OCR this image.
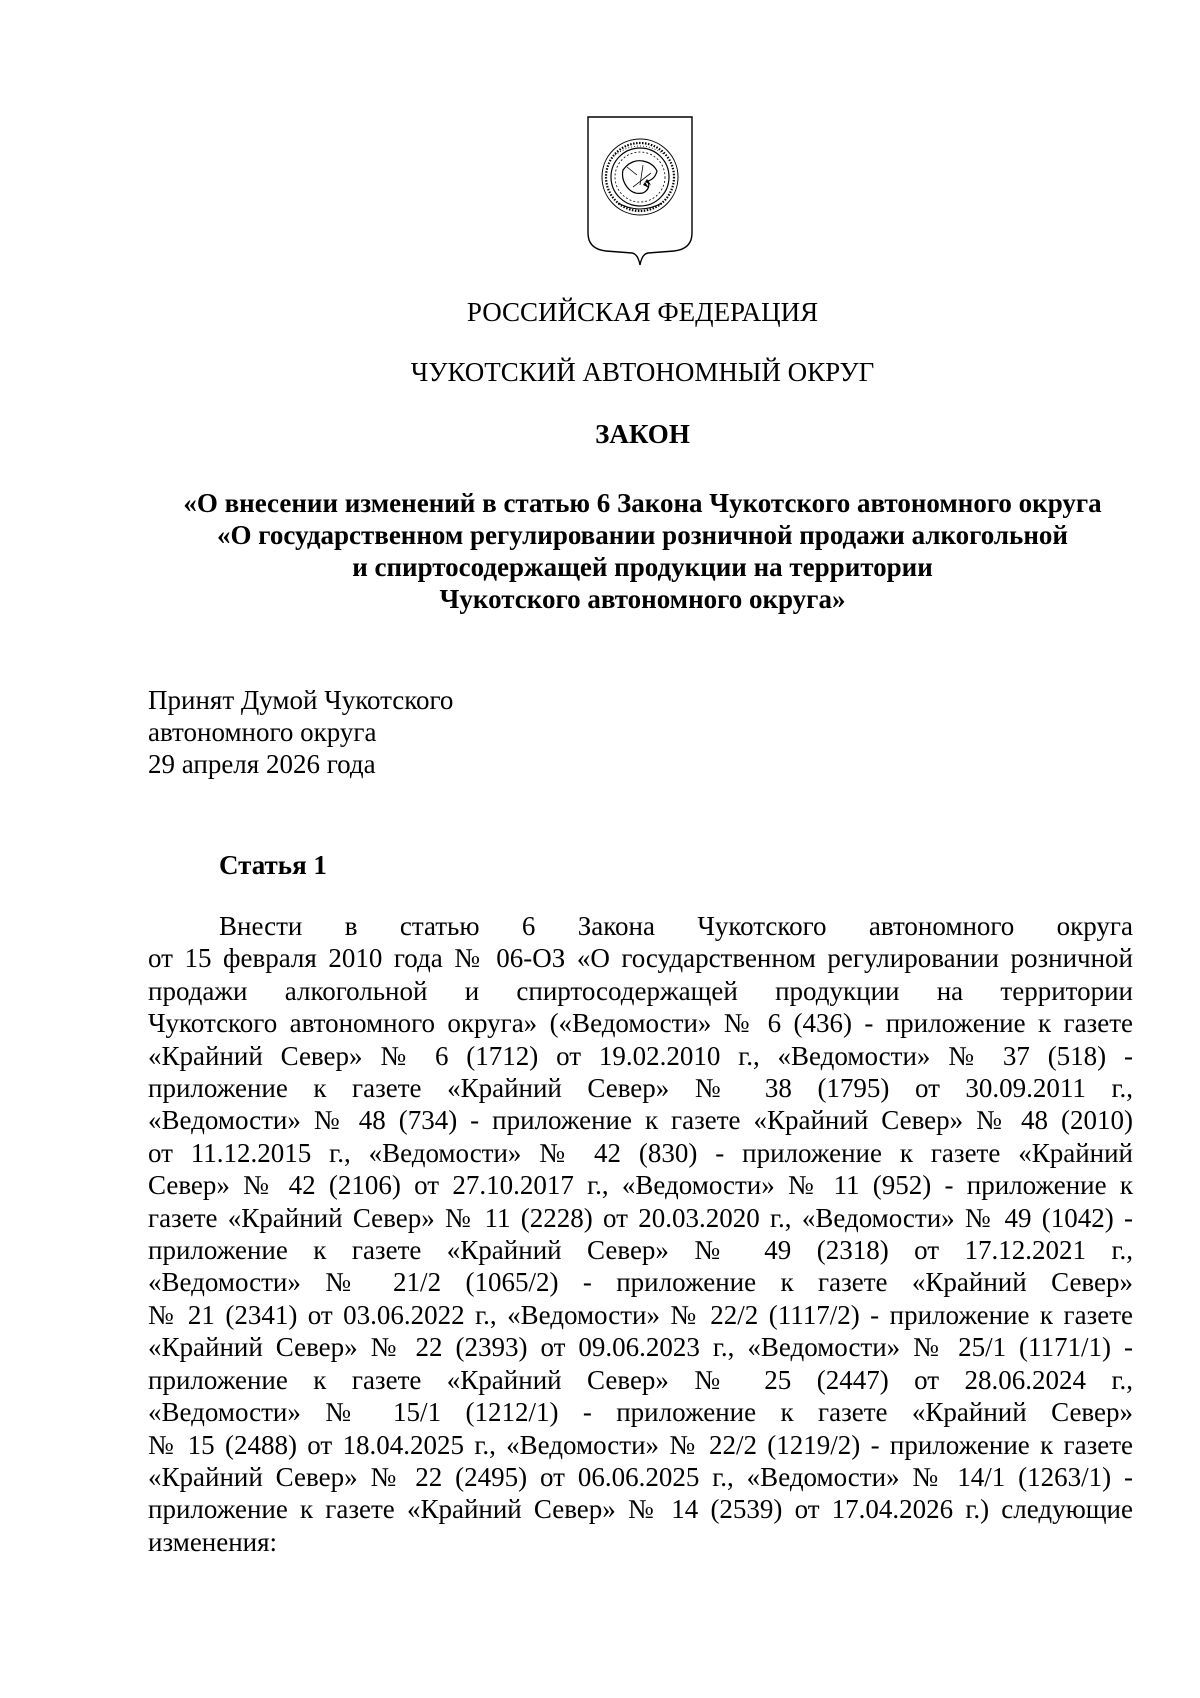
РОССИЙСКАЯ ФЕДЕРАЦИЯ
ЧУКОТСКИЙ АВТОНОМНЫЙ ОКРУГ
ЗАКОН
«О внесении изменений в статью 6 Закона Чукотского автономного округа
«О государственном регулировании розничной продажи алкогольной
и спиртосодержащей продукции на территории
Чукотского автономного округа»
Принят Думой Чукотского
автономного округа
29 апреля 2026 года
Статья 1
Внести в статью 6 Закона Чукотского автономного округа
от 15 февраля 2010 года № 06-ОЗ «О государственном регулировании розничной
продажи алкогольной и спиртосодержащей продукции на территории
Чукотского автономного округа» («Ведомости» № 6 (436) - приложение к газете
«Крайний Север» № 6 (1712) от 19.02.2010 г., «Ведомости» № 37 (518) -
приложение к газете «Крайний Север» № 38 (1795) от 30.09.2011 г.,
«Ведомости» № 48 (734) - приложение к газете «Крайний Север» № 48 (2010)
от 11.12.2015 г., «Ведомости» № 42 (830) - приложение к газете «Крайний
Север» № 42 (2106) от 27.10.2017 г., «Ведомости» № 11 (952) - приложение к
газете «Крайний Север» № 11 (2228) от 20.03.2020 г., «Ведомости» № 49 (1042) -
приложение к газете «Крайний Север» № 49 (2318) от 17.12.2021 г.,
«Ведомости» № 21/2 (1065/2) - приложение к газете «Крайний Север»
№ 21 (2341) от 03.06.2022 г., «Ведомости» № 22/2 (1117/2) - приложение к газете
«Крайний Север» № 22 (2393) от 09.06.2023 г., «Ведомости» № 25/1 (1171/1) -
приложение к газете «Крайний Север» № 25 (2447) от 28.06.2024 г.,
«Ведомости» № 15/1 (1212/1) - приложение к газете «Крайний Север»
№ 15 (2488) от 18.04.2025 г., «Ведомости» № 22/2 (1219/2) - приложение к газете
«Крайний Север» № 22 (2495) от 06.06.2025 г., «Ведомости» № 14/1 (1263/1) -
приложение к газете «Крайний Север» № 14 (2539) от 17.04.2026 г.) следующие
изменения:
